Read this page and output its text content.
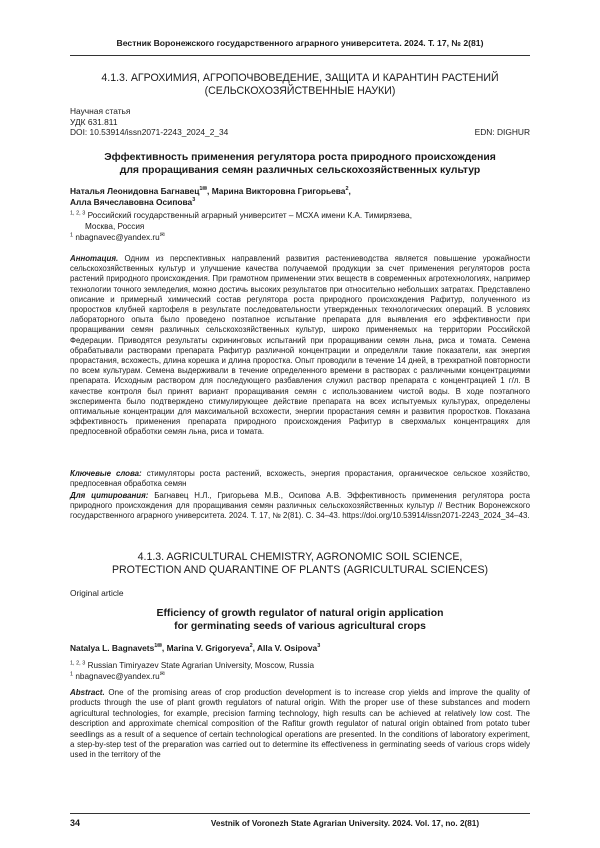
Вестник Воронежского государственного аграрного университета. 2024. Т. 17, № 2(81)
4.1.3. АГРОХИМИЯ, АГРОПОЧВОВЕДЕНИЕ, ЗАЩИТА И КАРАНТИН РАСТЕНИЙ
(СЕЛЬСКОХОЗЯЙСТВЕННЫЕ НАУКИ)
Научная статья
УДК 631.811
DOI: 10.53914/issn2071-2243_2024_2_34	EDN: DIGHUR
Эффективность применения регулятора роста природного происхождения
для проращивания семян различных сельскохозяйственных культур
Наталья Леонидовна Багнавец$^{1✉}$, Марина Викторовна Григорьева$^2$,
Алла Вячеславовна Осипова$^3$
$^{1, 2, 3}$ Российский государственный аграрный университет – МСХА имени К.А. Тимирязева,
Москва, Россия
$^1$ nbagnavec@yandex.ru✉
Аннотация. Одним из перспективных направлений развития растениеводства является повышение урожайности сельскохозяйственных культур и улучшение качества получаемой продукции за счет применения регуляторов роста растений природного происхождения. При грамотном применении этих веществ в современных агротехнологиях, например технологии точного земледелия, можно достичь высоких результатов при относительно небольших затратах. Представлено описание и примерный химический состав регулятора роста природного происхождения Рафитур, полученного из проростков клубней картофеля в результате последовательности утвержденных технологических операций. В условиях лабораторного опыта было проведено поэтапное испытание препарата для выявления его эффективности при проращивании семян различных сельскохозяйственных культур, широко применяемых на территории Российской Федерации. Приводятся результаты скрининговых испытаний при проращивании семян льна, риса и томата. Семена обрабатывали растворами препарата Рафитур различной концентрации и определяли такие показатели, как энергия прорастания, всхожесть, длина корешка и длина проростка. Опыт проводили в течение 14 дней, в трехкратной повторности по всем культурам. Семена выдерживали в течение определенного времени в растворах с различными концентрациями препарата. Исходным раствором для последующего разбавления служил раствор препарата с концентрацией 1 г/л. В качестве контроля был принят вариант проращивания семян с использованием чистой воды. В ходе поэтапного эксперимента было подтверждено стимулирующее действие препарата на всех испытуемых культурах, определены оптимальные концентрации для максимальной всхожести, энергии прорастания семян и развития проростков. Показана эффективность применения препарата природного происхождения Рафитур в сверхмалых концентрациях для предпосевной обработки семян льна, риса и томата.
Ключевые слова: стимуляторы роста растений, всхожесть, энергия прорастания, органическое сельское хозяйство, предпосевная обработка семян
Для цитирования: Багнавец Н.Л., Григорьева М.В., Осипова А.В. Эффективность применения регулятора роста природного происхождения для проращивания семян различных сельскохозяйственных культур // Вестник Воронежского государственного аграрного университета. 2024. Т. 17, № 2(81). С. 34–43. https://doi.org/10.53914/issn2071-2243_2024_34–43.
4.1.3. AGRICULTURAL CHEMISTRY, AGRONOMIC SOIL SCIENCE,
PROTECTION AND QUARANTINE OF PLANTS (AGRICULTURAL SCIENCES)
Original article
Efficiency of growth regulator of natural origin application
for germinating seeds of various agricultural crops
Natalya L. Bagnavets$^{1✉}$, Marina V. Grigoryeva$^2$, Alla V. Osipova$^3$
$^{1, 2, 3}$ Russian Timiryazev State Agrarian University, Moscow, Russia
$^1$ nbagnavec@yandex.ru✉
Abstract. One of the promising areas of crop production development is to increase crop yields and improve the quality of products through the use of plant growth regulators of natural origin. With the proper use of these substances and modern agricultural technologies, for example, precision farming technology, high results can be achieved at relatively low cost. The description and approximate chemical composition of the Rafitur growth regulator of natural origin obtained from potato tuber seedlings as a result of a sequence of certain technological operations are presented. In the conditions of laboratory experiment, a step-by-step test of the preparation was carried out to determine its effectiveness in germinating seeds of various crops widely used in the territory of the
34	Vestnik of Voronezh State Agrarian University. 2024. Vol. 17, no. 2(81)
